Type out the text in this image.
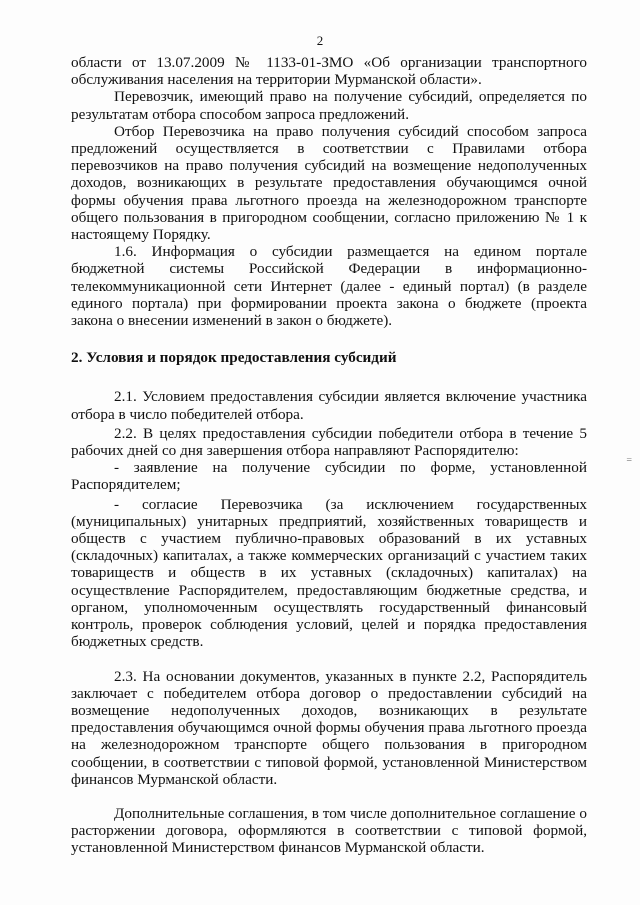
2

области от 13.07.2009 № 1133-01-ЗМО «Об организации транспортного обслуживания населения на территории Мурманской области».

Перевозчик, имеющий право на получение субсидий, определяется по результатам отбора способом запроса предложений.

Отбор Перевозчика на право получения субсидий способом запроса предложений осуществляется в соответствии с Правилами отбора перевозчиков на право получения субсидий на возмещение недополученных доходов, возникающих в результате предоставления обучающимся очной формы обучения права льготного проезда на железнодорожном транспорте общего пользования в пригородном сообщении, согласно приложению № 1 к настоящему Порядку.

1.6. Информация о субсидии размещается на едином портале бюджетной системы Российской Федерации в информационно-телекоммуникационной сети Интернет (далее - единый портал) (в разделе единого портала) при формировании проекта закона о бюджете (проекта закона о внесении изменений в закон о бюджете).

2. Условия и порядок предоставления субсидий

2.1. Условием предоставления субсидии является включение участника отбора в число победителей отбора.

2.2. В целях предоставления субсидии победители отбора в течение 5 рабочих дней со дня завершения отбора направляют Распорядителю:

- заявление на получение субсидии по форме, установленной Распорядителем;

- согласие Перевозчика (за исключением государственных (муниципальных) унитарных предприятий, хозяйственных товариществ и обществ с участием публично-правовых образований в их уставных (складочных) капиталах, а также коммерческих организаций с участием таких товариществ и обществ в их уставных (складочных) капиталах) на осуществление Распорядителем, предоставляющим бюджетные средства, и органом, уполномоченным осуществлять государственный финансовый контроль, проверок соблюдения условий, целей и порядка предоставления бюджетных средств.

2.3. На основании документов, указанных в пункте 2.2, Распорядитель заключает с победителем отбора договор о предоставлении субсидий на возмещение недополученных доходов, возникающих в результате предоставления обучающимся очной формы обучения права льготного проезда на железнодорожном транспорте общего пользования в пригородном сообщении, в соответствии с типовой формой, установленной Министерством финансов Мурманской области.

Дополнительные соглашения, в том числе дополнительное соглашение о расторжении договора, оформляются в соответствии с типовой формой, установленной Министерством финансов Мурманской области.

=
